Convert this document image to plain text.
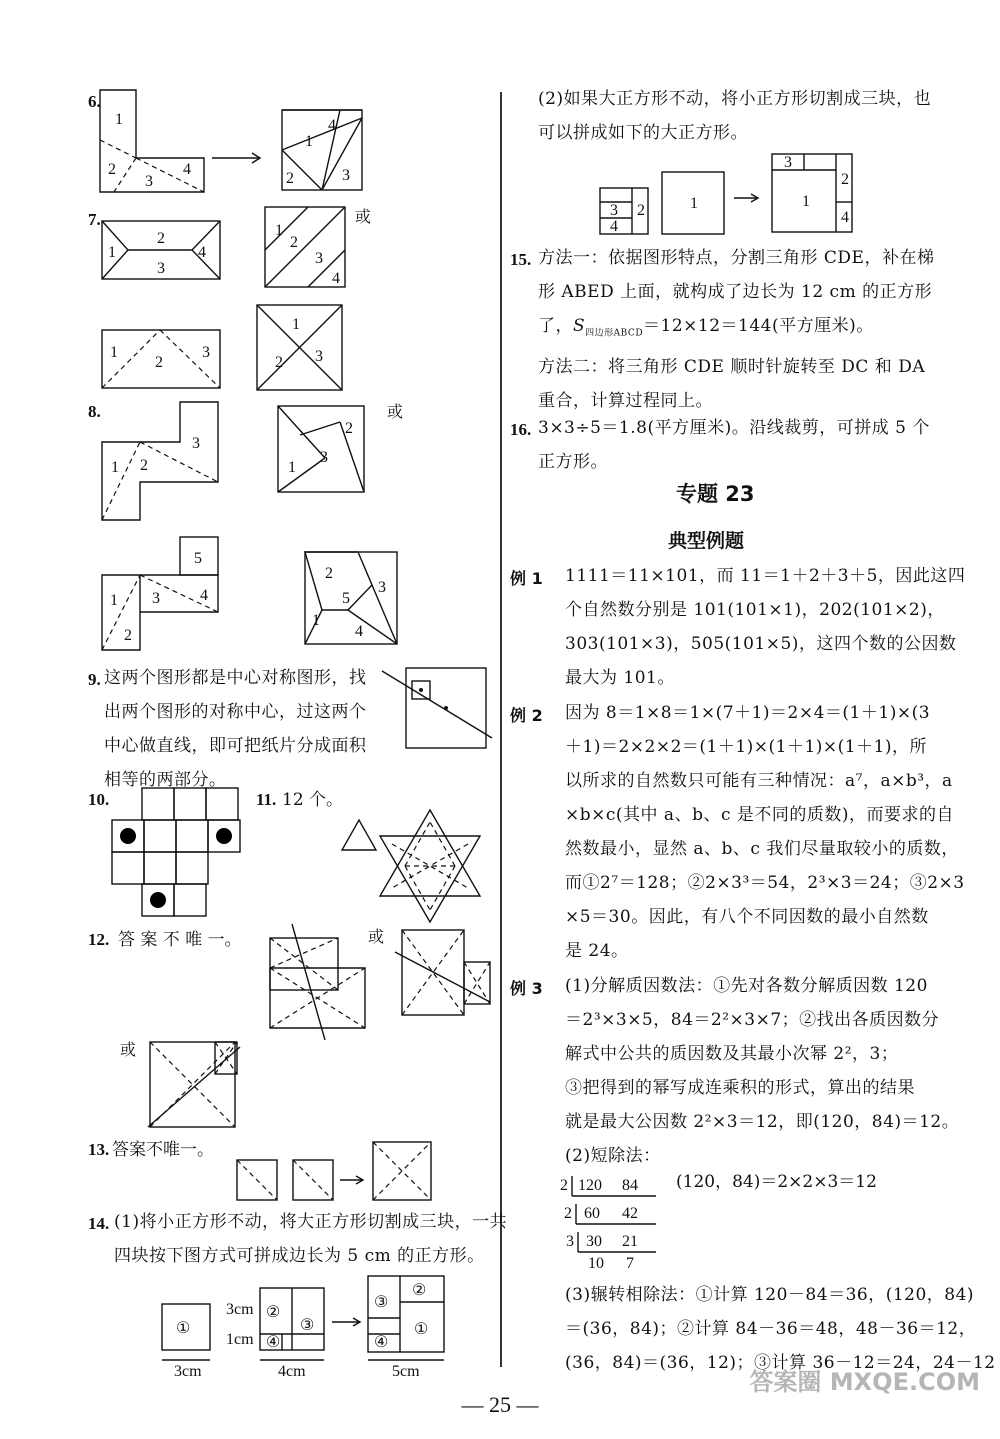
6.
1
2
3
4
4
1
2	3
7.
1
2
3
4
1
2
3
4
或
1
2
3
1
2 3
8.
3
1 2
2
3
1
或
5
3	4
1
2
2
5
3
1
4
9. 这两个图形都是中心对称图形，找
出两个图形的对称中心，过这两个
中心做直线，即可把纸片分成面积
相等的两部分。
10.	11. 12 个。
12. 答 案 不 唯 一。	或
或
13. 答案不唯一。
14. (1)将小正方形不动，将大正方形切割成三块，一共
四块按下图方式可拼成边长为 5 cm 的正方形。
①
3cm
3cm
1cm
②
③
④
4cm
②
③
①
④
5cm
(2)如果大正方形不动，将小正方形切割成三块，也
可以拼成如下的大正方形。
3
4
2	1
3
2
1
4
15. 方法一：依据图形特点，分割三角形 CDE，补在梯
形 ABED 上面，就构成了边长为 12 cm 的正方形
了，$S_{四边形ABCD}=12\times 12=144$(平方厘米)。
方法二：将三角形 CDE 顺时针旋转至 DC 和 DA
重合，计算过程同上。
16. 3×3÷5＝1.8(平方厘米)。沿线裁剪，可拼成 5 个
正方形。
专题 23
典型例题
例 1 1111＝11×101，而 11＝1＋2＋3＋5，因此这四
个自然数分别是 101(101×1)，202(101×2)，
303(101×3)，505(101×5)，这四个数的公因数
最大为 101。
例 2 因为 8＝1×8＝1×(7＋1)＝2×4＝(1＋1)×(3
＋1)＝2×2×2＝(1＋1)×(1＋1)×(1＋1)，所
以所求的自然数只可能有三种情况：a⁷，a×b³，a
×b×c(其中 a、b、c 是不同的质数)，而要求的自
然数最小，显然 a、b、c 我们尽量取较小的质数，
而①2⁷＝128；②2×3³＝54，2³×3＝24；③2×3
×5＝30。因此，有八个不同因数的最小自然数
是 24。
例 3 (1)分解质因数法：①先对各数分解质因数 120
＝2³×3×5，84＝2²×3×7；②找出各质因数分
解式中公共的质因数及其最小次幂 2²，3；
③把得到的幂写成连乘积的形式，算出的结果
就是最大公因数 2²×3＝12，即(120，84)＝12。
(2)短除法：
2 120 84
2 60 42
3 30 21
10 7
(120，84)＝2×2×3＝12
(3)辗转相除法：①计算 120－84＝36，(120，84)
＝(36，84)；②计算 84－36＝48，48－36＝12，
(36，84)＝(36，12)；③计算 36－12＝24，24－12
— 25 —
答案圈 MXQE.COM
